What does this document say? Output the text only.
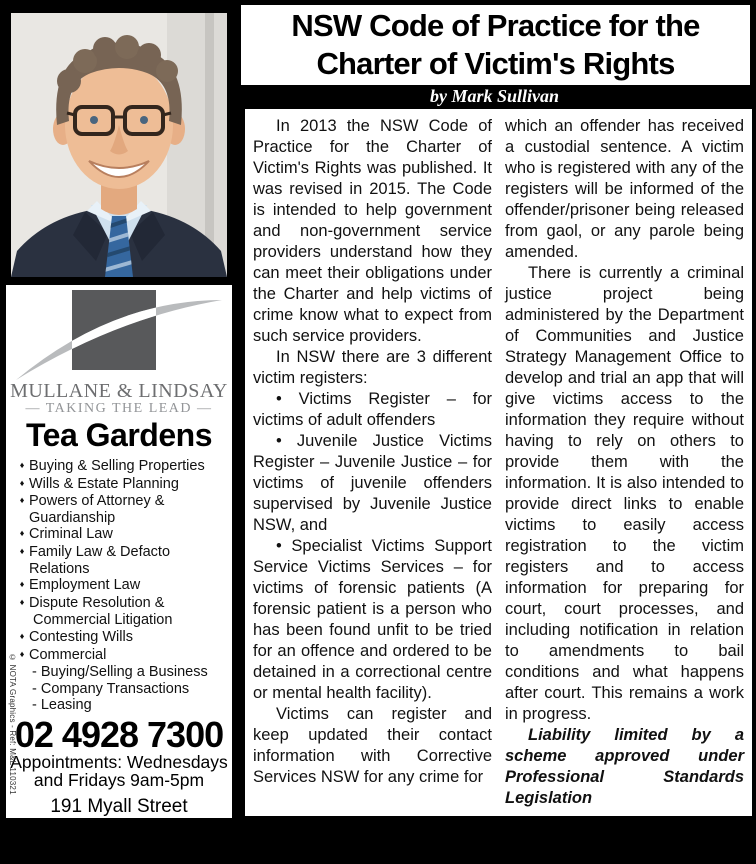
MULLANE & LINDSAY
— TAKING THE LEAD —
Tea Gardens
♦ Buying & Selling Properties
♦ Wills & Estate Planning
♦ Powers of Attorney & Guardianship
♦ Criminal Law
♦ Family Law & Defacto Relations
♦ Employment Law
♦ Dispute Resolution &
Commercial Litigation
♦ Contesting Wills
♦ Commercial
- Buying/Selling a Business
- Company Transactions
- Leasing
02 4928 7300
Appointments: Wednesdays
and Fridays 9am-5pm
191 Myall Street
Tea Gardens
www.mullanelindsay.com.au
© NOTA Graphics - Ref: M&L 110321
NSW Code of Practice for the
Charter of Victim's Rights
by Mark Sullivan

In 2013 the NSW Code of Practice for the Charter of Victim's Rights was published. It was revised in 2015. The Code is intended to help government and non-government service providers understand how they can meet their obligations under the Charter and help victims of crime know what to expect from such service providers.

In NSW there are 3 different victim registers:

• Victims Register – for victims of adult offenders

• Juvenile Justice Victims Register – Juvenile Justice – for victims of juvenile offenders supervised by Juvenile Justice NSW, and

• Specialist Victims Support Service Victims Services – for victims of forensic patients (A forensic patient is a person who has been found unfit to be tried for an offence and ordered to be detained in a correctional centre or mental health facility).

Victims can register and keep updated their contact information with Corrective Services NSW for any crime for

which an offender has received a custodial sentence. A victim who is registered with any of the registers will be informed of the offender/prisoner being released from gaol, or any parole being amended.

There is currently a criminal justice project being administered by the Department of Communities and Justice Strategy Management Office to develop and trial an app that will give victims access to the information they require without having to rely on others to provide them with the information. It is also intended to provide direct links to enable victims to easily access registration to the victim registers and to access information for preparing for court, court processes, and including notification in relation to amendments to bail conditions and what happens after court. This remains a work in progress.

Liability limited by a scheme approved under Professional Standards Legislation
